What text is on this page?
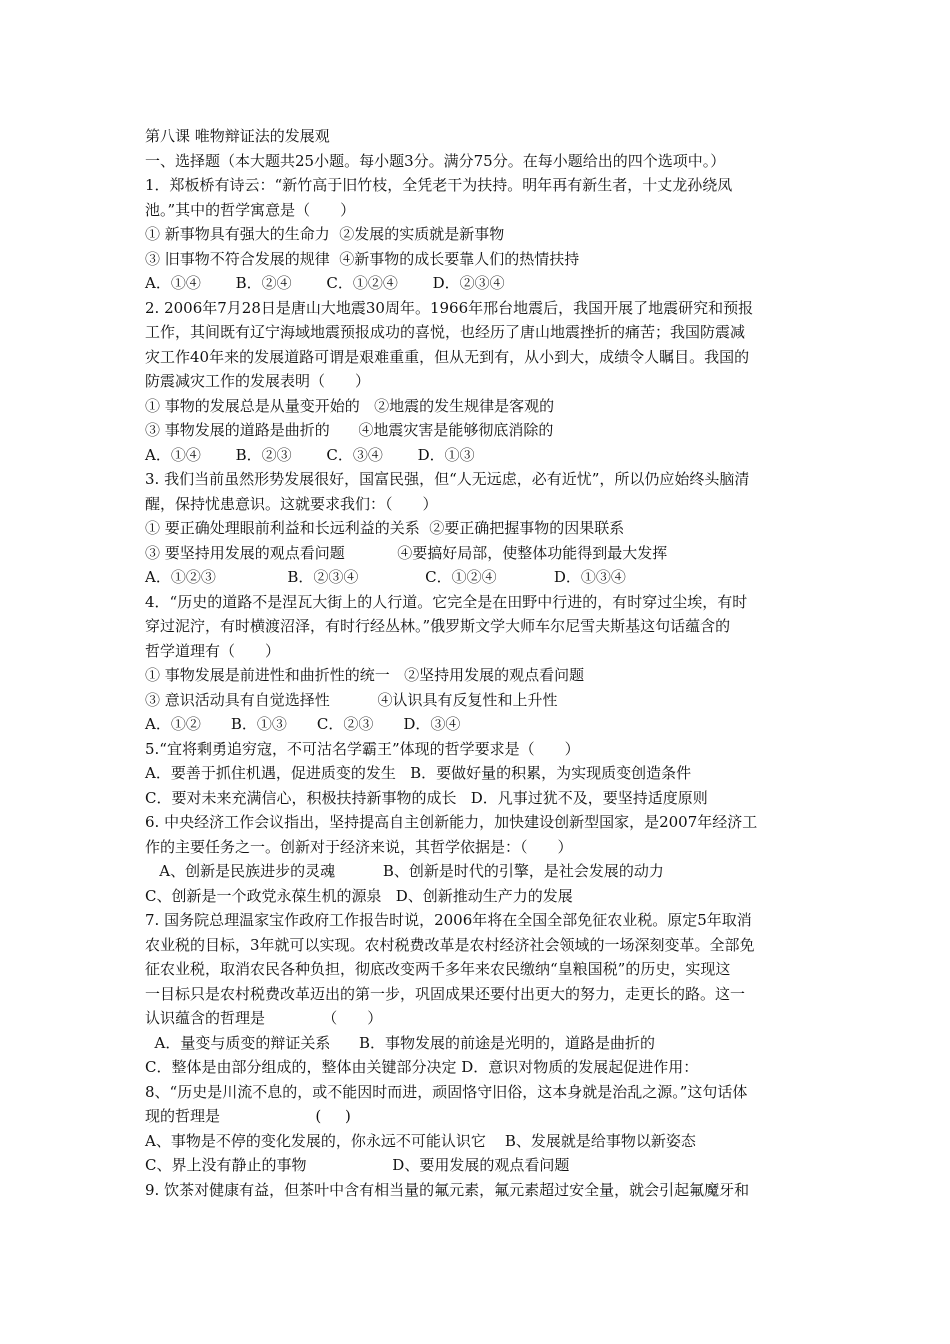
第八课 唯物辩证法的发展观
一、选择题（本大题共25小题。每小题3分。满分75分。在每小题给出的四个选项中。）
1．郑板桥有诗云：“新竹高于旧竹枝，全凭老干为扶持。明年再有新生者，十丈龙孙绕凤
池。”其中的哲学寓意是（　　）
① 新事物具有强大的生命力  ②发展的实质就是新事物
③ 旧事物不符合发展的规律  ④新事物的成长要靠人们的热情扶持
A．①④　　 B．②④　　 C．①②④　　 D．②③④
2. 2006年7月28日是唐山大地震30周年。1966年邢台地震后，我国开展了地震研究和预报
工作，其间既有辽宁海域地震预报成功的喜悦，也经历了唐山地震挫折的痛苦；我国防震减
灾工作40年来的发展道路可谓是艰难重重，但从无到有，从小到大，成绩令人瞩目。我国的
防震减灾工作的发展表明（　　）
① 事物的发展总是从量变开始的   ②地震的发生规律是客观的
③ 事物发展的道路是曲折的      ④地震灾害是能够彻底消除的
A．①④　　 B．②③　　 C．③④　　 D．①③
3. 我们当前虽然形势发展很好，国富民强，但“人无远虑，必有近忧”，所以仍应始终头脑清
醒，保持忧患意识。这就要求我们：（　　）
① 要正确处理眼前利益和长远利益的关系  ②要正确把握事物的因果联系
③ 要坚持用发展的观点看问题           ④要搞好局部，使整体功能得到最大发挥
A．①②③               B．②③④              C．①②④            D．①③④
4．“历史的道路不是涅瓦大街上的人行道。它完全是在田野中行进的，有时穿过尘埃，有时
穿过泥泞，有时横渡沼泽，有时行经丛林。”俄罗斯文学大师车尔尼雪夫斯基这句话蕴含的
哲学道理有（　　）
① 事物发展是前进性和曲折性的统一   ②坚持用发展的观点看问题
③ 意识活动具有自觉选择性          ④认识具有反复性和上升性
A．①②　　B．①③　　C．②③　　D．③④
5.“宜将剩勇追穷寇，不可沽名学霸王”体现的哲学要求是（　　）
A．要善于抓住机遇，促进质变的发生   B．要做好量的积累，为实现质变创造条件
C．要对未来充满信心，积极扶持新事物的成长   D．凡事过犹不及，要坚持适度原则
6. 中央经济工作会议指出，坚持提高自主创新能力，加快建设创新型国家，是2007年经济工
作的主要任务之一。创新对于经济来说，其哲学依据是：（　　）
A、创新是民族进步的灵魂          B、创新是时代的引擎，是社会发展的动力
C、创新是一个政党永葆生机的源泉   D、创新推动生产力的发展
7. 国务院总理温家宝作政府工作报告时说，2006年将在全国全部免征农业税。原定5年取消
农业税的目标，3年就可以实现。农村税费改革是农村经济社会领域的一场深刻变革。全部免
征农业税，取消农民各种负担，彻底改变两千多年来农民缴纳“皇粮国税”的历史，实现这
一目标只是农村税费改革迈出的第一步，巩固成果还要付出更大的努力，走更长的路。这一
认识蕴含的哲理是            （　　）
A．量变与质变的辩证关系      B．事物发展的前途是光明的，道路是曲折的
C．整体是由部分组成的，整体由关键部分决定 D．意识对物质的发展起促进作用：
8、“历史是川流不息的，或不能因时而进，顽固恪守旧俗，这本身就是治乱之源。”这句话体
现的哲理是                    (     )
A、事物是不停的变化发展的，你永远不可能认识它    B、发展就是给事物以新姿态
C、界上没有静止的事物                  D、要用发展的观点看问题
9. 饮茶对健康有益，但茶叶中含有相当量的氟元素，氟元素超过安全量，就会引起氟魔牙和
